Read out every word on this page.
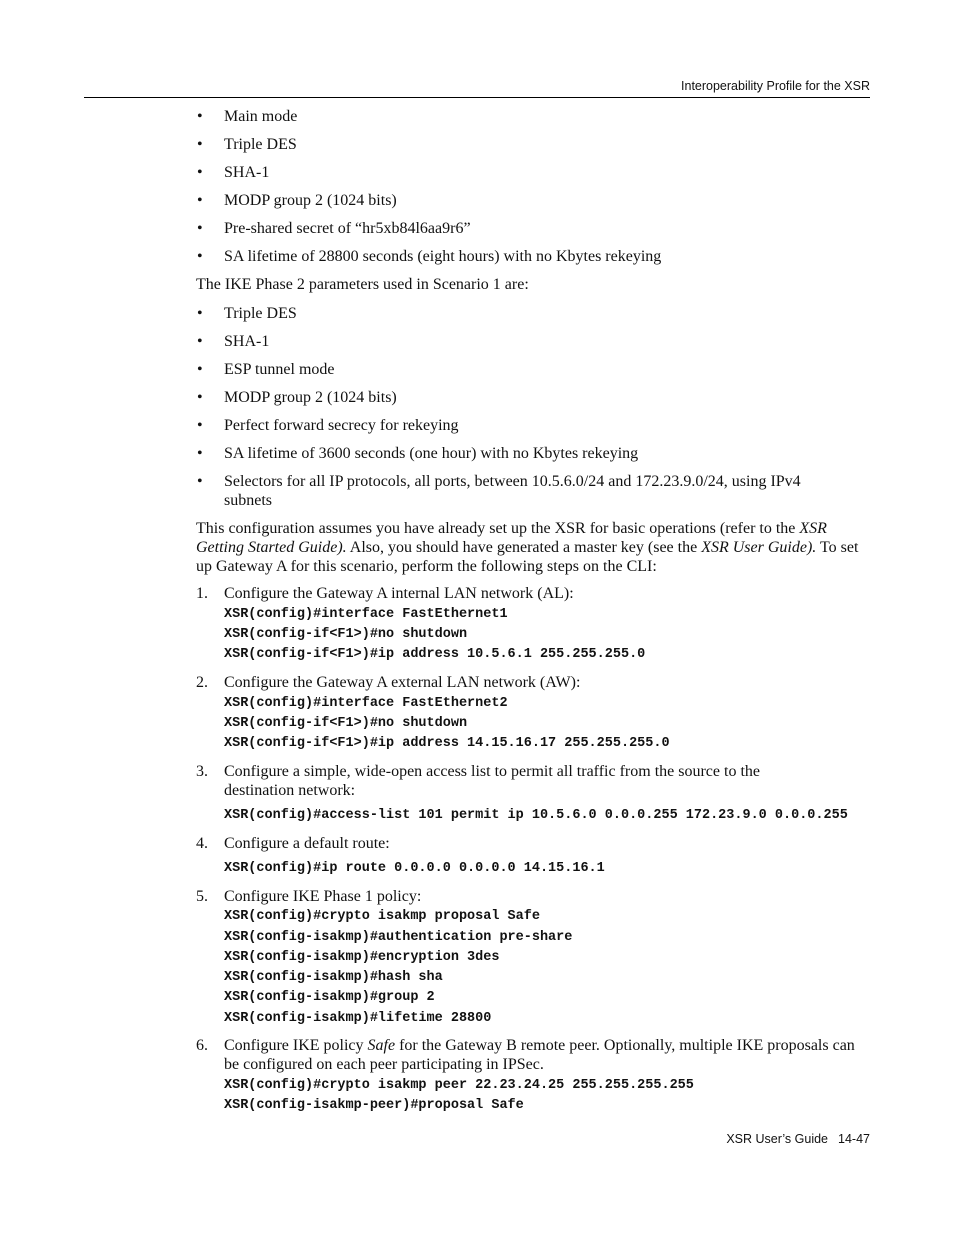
Interoperability Profile for the XSR
• Main mode
• Triple DES
• SHA-1
• MODP group 2 (1024 bits)
• Pre-shared secret of “hr5xb84l6aa9r6”
• SA lifetime of 28800 seconds (eight hours) with no Kbytes rekeying
The IKE Phase 2 parameters used in Scenario 1 are:
• Triple DES
• SHA-1
• ESP tunnel mode
• MODP group 2 (1024 bits)
• Perfect forward secrecy for rekeying
• SA lifetime of 3600 seconds (one hour) with no Kbytes rekeying
• Selectors for all IP protocols, all ports, between 10.5.6.0/24 and 172.23.9.0/24, using IPv4 subnets
This configuration assumes you have already set up the XSR for basic operations (refer to the XSR Getting Started Guide). Also, you should have generated a master key (see the XSR User Guide). To set up Gateway A for this scenario, perform the following steps on the CLI:
1. Configure the Gateway A internal LAN network (AL):
XSR(config)#interface FastEthernet1
XSR(config-if<F1>)#no shutdown
XSR(config-if<F1>)#ip address 10.5.6.1 255.255.255.0
2. Configure the Gateway A external LAN network (AW):
XSR(config)#interface FastEthernet2
XSR(config-if<F1>)#no shutdown
XSR(config-if<F1>)#ip address 14.15.16.17 255.255.255.0
3. Configure a simple, wide-open access list to permit all traffic from the source to the destination network:
XSR(config)#access-list 101 permit ip 10.5.6.0 0.0.0.255 172.23.9.0 0.0.0.255
4. Configure a default route:
XSR(config)#ip route 0.0.0.0 0.0.0.0 14.15.16.1
5. Configure IKE Phase 1 policy:
XSR(config)#crypto isakmp proposal Safe
XSR(config-isakmp)#authentication pre-share
XSR(config-isakmp)#encryption 3des
XSR(config-isakmp)#hash sha
XSR(config-isakmp)#group 2
XSR(config-isakmp)#lifetime 28800
6. Configure IKE policy Safe for the Gateway B remote peer. Optionally, multiple IKE proposals can be configured on each peer participating in IPSec.
XSR(config)#crypto isakmp peer 22.23.24.25 255.255.255.255
XSR(config-isakmp-peer)#proposal Safe
XSR User’s Guide 14-47
